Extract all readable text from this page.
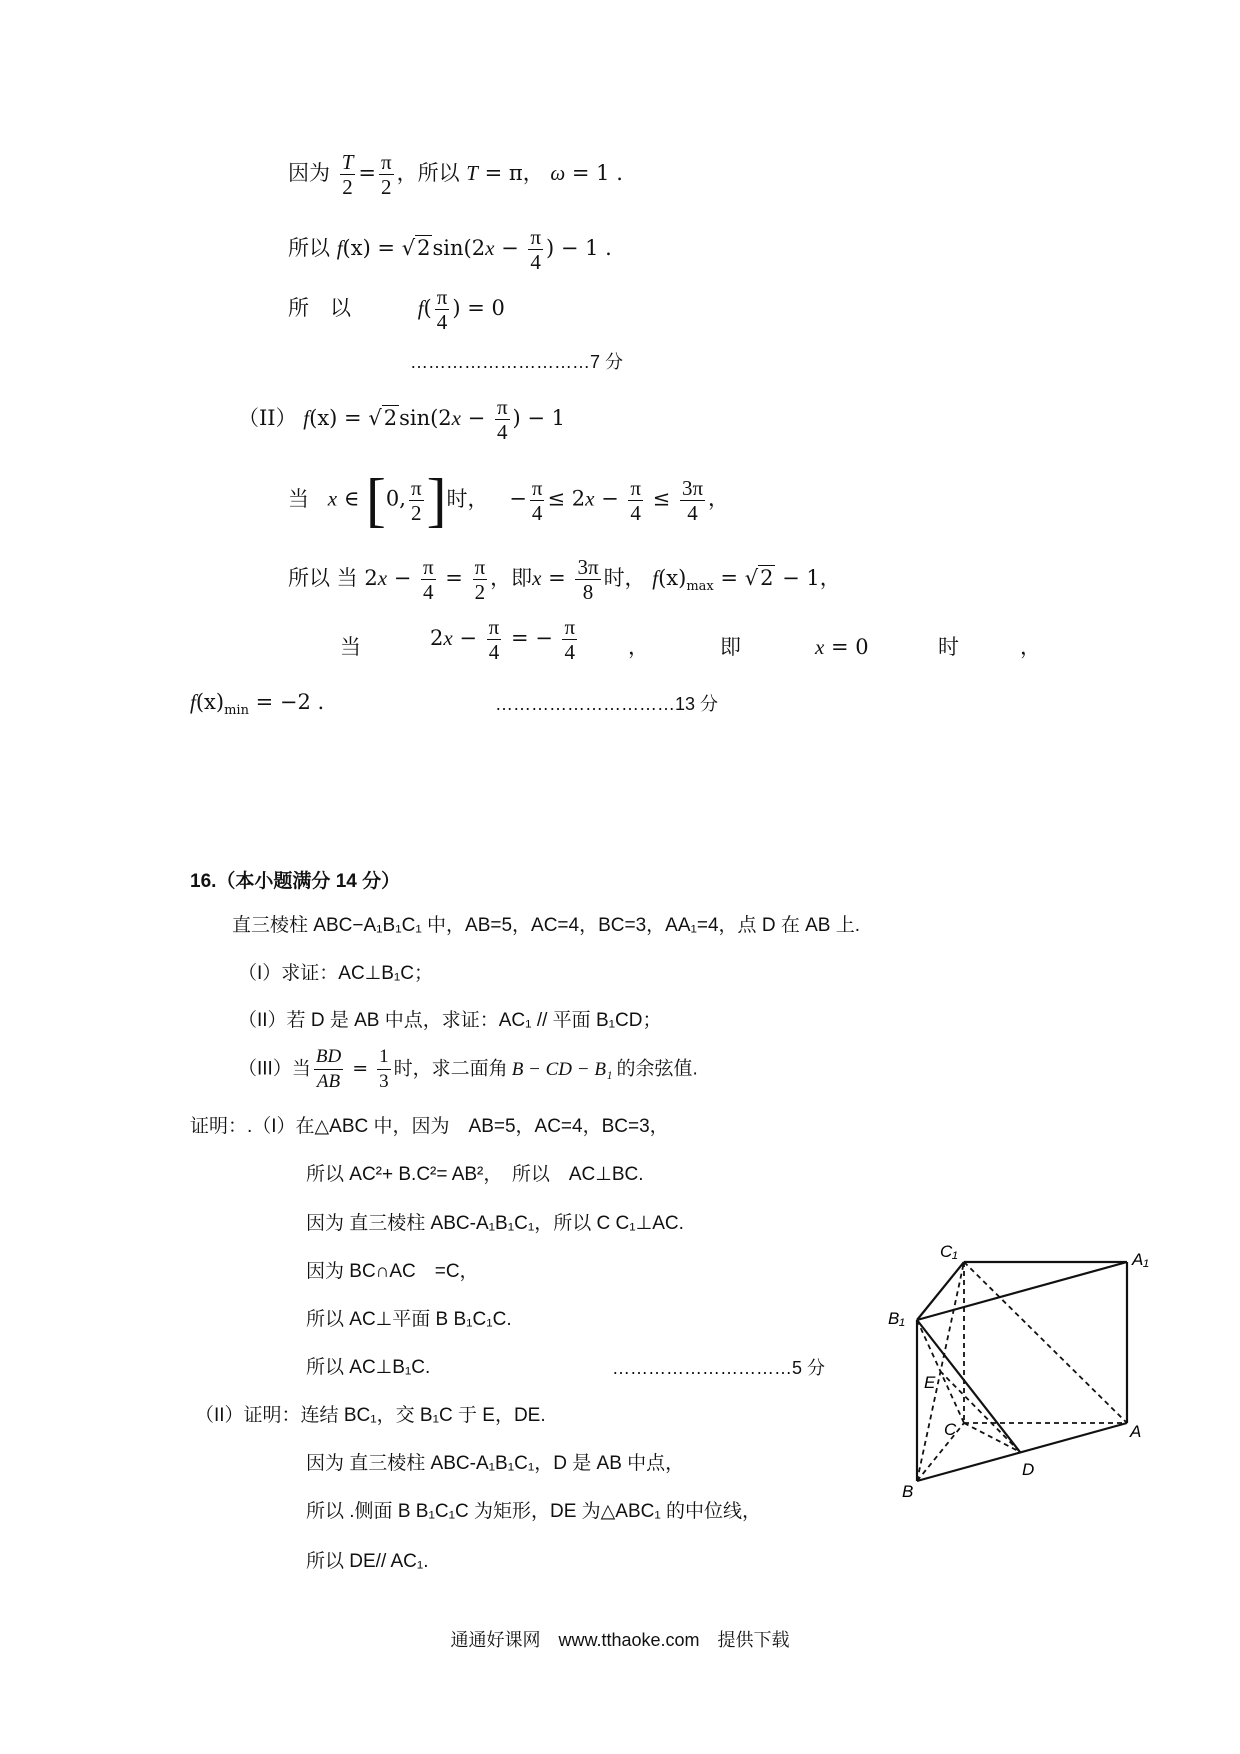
因为 $\frac{T}{2} = \frac{\pi}{2}$ ，所以 T = π， ω = 1 .
所以 $f(x) = √2\sin(2x - \frac{\pi}{4}$ ) − 1 .
所　以	$f( \frac{\pi}{4}$ ) = 0
…………………………7 分
（II） $f(x) = √2\sin(2x - \frac{\pi}{4}$ ) − 1
当 x ∈ [0, $\frac{\pi}{2}$ ]时， − $\frac{\pi}{4} \le 2x - \frac{\pi}{4} \le \frac{3\pi}{4}$ ，
所以 当 $2x - \frac{\pi}{4} = \frac{\pi}{2}$ ，即$x = \frac{3\pi}{8}$ 时， $f(x)_{max} = √2 - 1$，
当	$2x - \frac{\pi}{4}$ = − $\frac{\pi}{4}$ ，	即	x = 0	时	，
$f(x)_{min} = -2$ .	…………………………13 分
16.（本小题满分 14 分）
直三棱柱 ABC−A₁B₁C₁ 中，AB=5，AC=4，BC=3，AA₁=4，点 D 在 AB 上.
（I）求证：AC⊥B₁C；
（II）若 D 是 AB 中点，求证：AC₁ // 平面 B₁CD；
（III）当 $\frac{BD}{AB} = \frac{1}{3}$ 时，求二面角 B − CD − B₁ 的余弦值.
证明：.（I）在△ABC 中，因为　AB=5，AC=4，BC=3，
所以 AC²+ B.C²= AB²，　所以　AC⊥BC.
因为 直三棱柱 ABC-A₁B₁C₁，所以 C C₁⊥AC.
因为 BC∩AC　=C，
所以 AC⊥平面 B B₁C₁C.
所以 AC⊥B₁C.	…………………………5 分
（II）证明：连结 BC₁，交 B₁C 于 E，DE.
因为 直三棱柱 ABC-A₁B₁C₁，D 是 AB 中点，
所以 .侧面 B B₁C₁C 为矩形，DE 为△ABC₁ 的中位线，
所以 DE// AC₁.
C₁	A₁
B₁
E
C	A
B
D
通通好课网　www.tthaoke.com　提供下载
